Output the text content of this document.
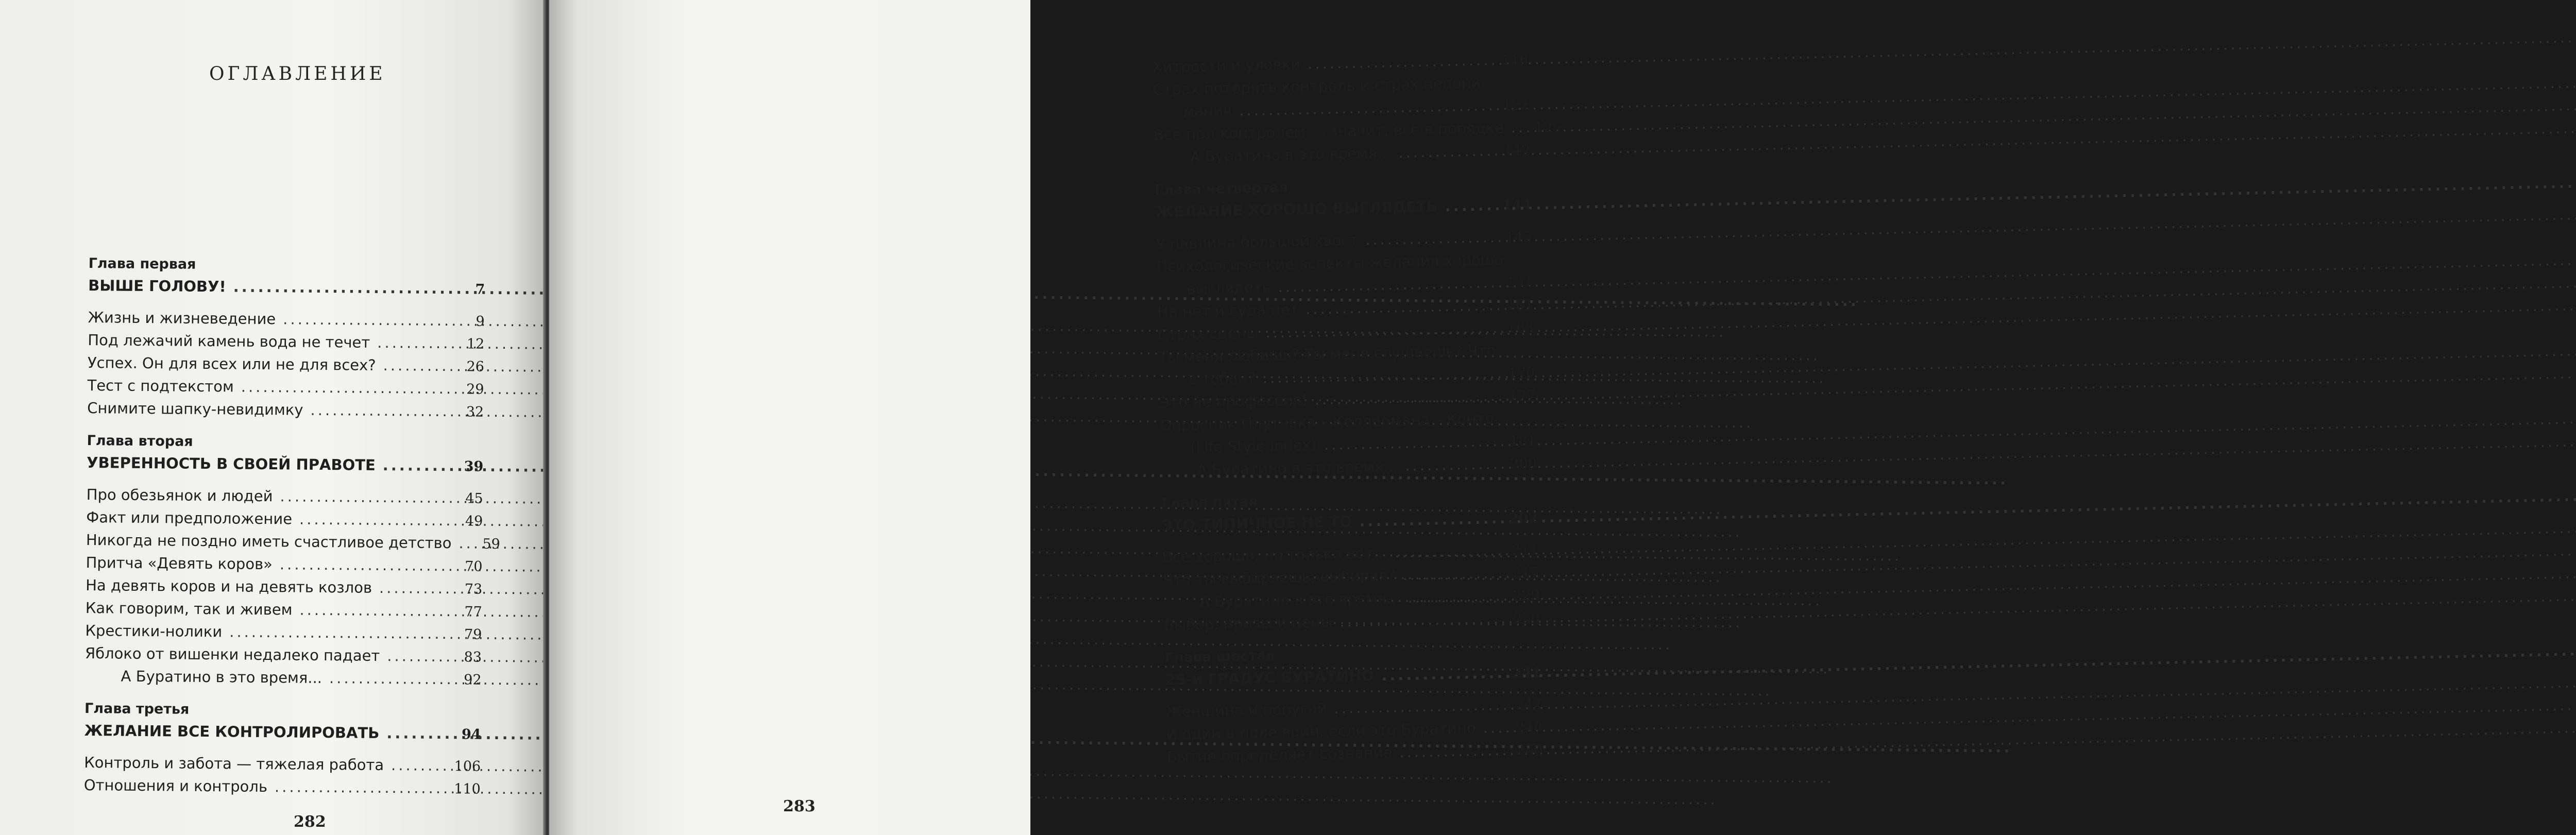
ОГЛАВЛЕНИЕ
Глава первая
ВЫШЕ ГОЛОВУ! .....	7
Жизнь и жизневедение .....	9
Под лежачий камень вода не течет .....	12
Успех. Он для всех или не для всех? .....	26
Тест с подтекстом .....	29
Снимите шапку-невидимку .....	32
Глава вторая
УВЕРЕННОСТЬ В СВОЕЙ ПРАВОТЕ .....	39
Про обезьянок и людей .....	45
Факт или предположение .....	49
Никогда не поздно иметь счастливое детство ..... 59
Притча «Девять коров» .....	70
На девять коров и на девять козлов .....	73
Как говорим, так и живем .....	77
Крестики-нолики .....	79
Яблоко от вишенки недалеко падает .....	83
А Буратино в это время... .....	92
Глава третья
ЖЕЛАНИЕ ВСЕ КОНТРОЛИРОВАТЬ .....	94
Контроль и забота — тяжелая работа .....	106
Отношения и контроль .....	110
282
Хитрости и уловки .....	116
Страх потерять контроль и страх непони-
мания .....	122
Все под контролем — значит, все в порядке ..... 125
А Буратино в это время... .....	142
Глава четвертая
ЖЕЛАНИЕ ХОРОШО ВЫГЛЯДЕТЬ .....	144
У павлина большой хвост .....	145
Психологические аспекты желания хорошо
выглядеть .....	151
На нет и суда нет .....	161
Страх сцены .....	163
Ты меня любишь? Ты меня слушаешь? Что
с тобой? .....	170
Это не профессия! .....	177
Опросник Плутчека – Келлермана – Конте
(Life Style Index) .....	181
А Буратино в это время... .....	200
Глава пятая
ЭТО ТИПИЧНОЕ НЕ ТО .....	202
Все хорошо, но только вот... .....	211
Что ты выбираешь, выбирая? .....	217
А Буратино в это время... .....	229
Выбор: призы и цены .....	230
Глава шестая
25-й ГРАДУС БУРАТИНО .....	241
Женщина и попугай .....	242
И один в поле воин, если это Буратино .....	248
Бытие определяет сознание .....	250
283
